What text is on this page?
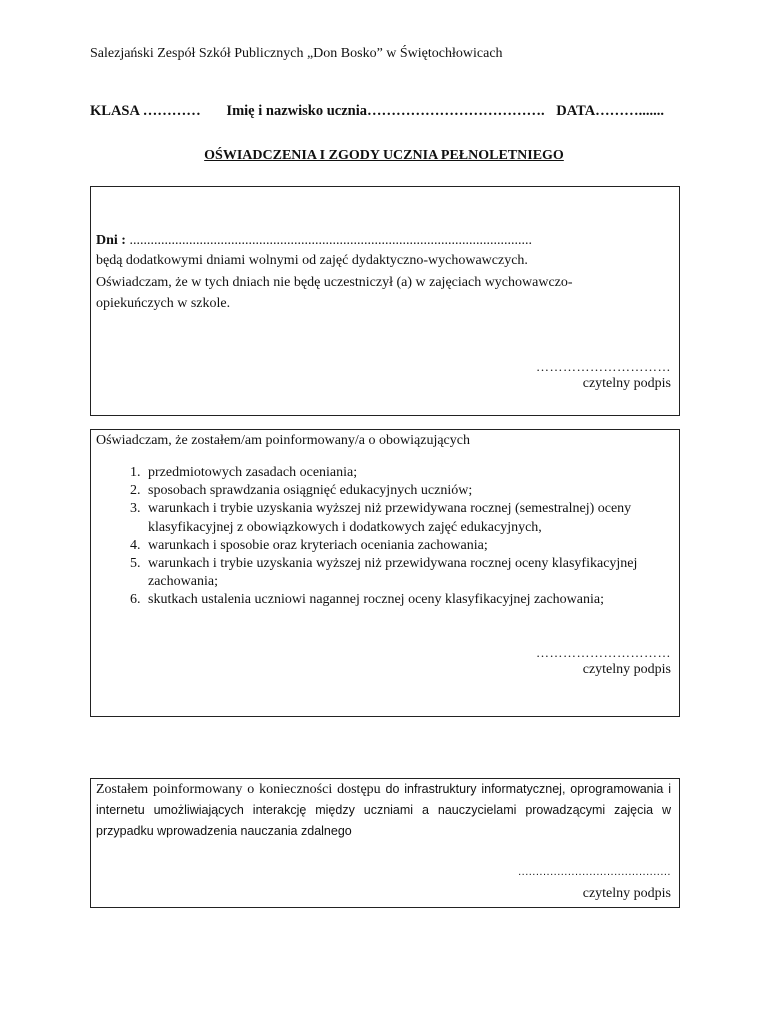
Salezjański Zespół Szkół Publicznych „Don Bosko” w Świętochłowicach
KLASA ………… Imię i nazwisko ucznia………………………………. DATA……….......
OŚWIADCZENIA I ZGODY UCZNIA PEŁNOLETNIEGO
Dni : ...................................................................................................................
będą dodatkowymi dniami wolnymi od zajęć dydaktyczno-wychowawczych.
Oświadczam, że w tych dniach nie będę uczestniczył (a) w zajęciach wychowawczo-
opiekuńczych w szkole.
…………………………
czytelny podpis
Oświadczam, że zostałem/am poinformowany/a o obowiązujących
1. przedmiotowych zasadach oceniania;
2. sposobach sprawdzania osiągnięć edukacyjnych uczniów;
3. warunkach i trybie uzyskania wyższej niż przewidywana rocznej (semestralnej) oceny klasyfikacyjnej z obowiązkowych i dodatkowych zajęć edukacyjnych,
4. warunkach i sposobie oraz kryteriach oceniania zachowania;
5. warunkach i trybie uzyskania wyższej niż przewidywana rocznej oceny klasyfikacyjnej zachowania;
6. skutkach ustalenia uczniowi nagannej rocznej oceny klasyfikacyjnej zachowania;
…………………………
czytelny podpis
Zostałem poinformowany o konieczności dostępu do infrastruktury informatycznej, oprogramowania i internetu umożliwiających interakcję między uczniami a nauczycielami prowadzącymi zajęcia w przypadku wprowadzenia nauczania zdalnego
...........................................
czytelny podpis
